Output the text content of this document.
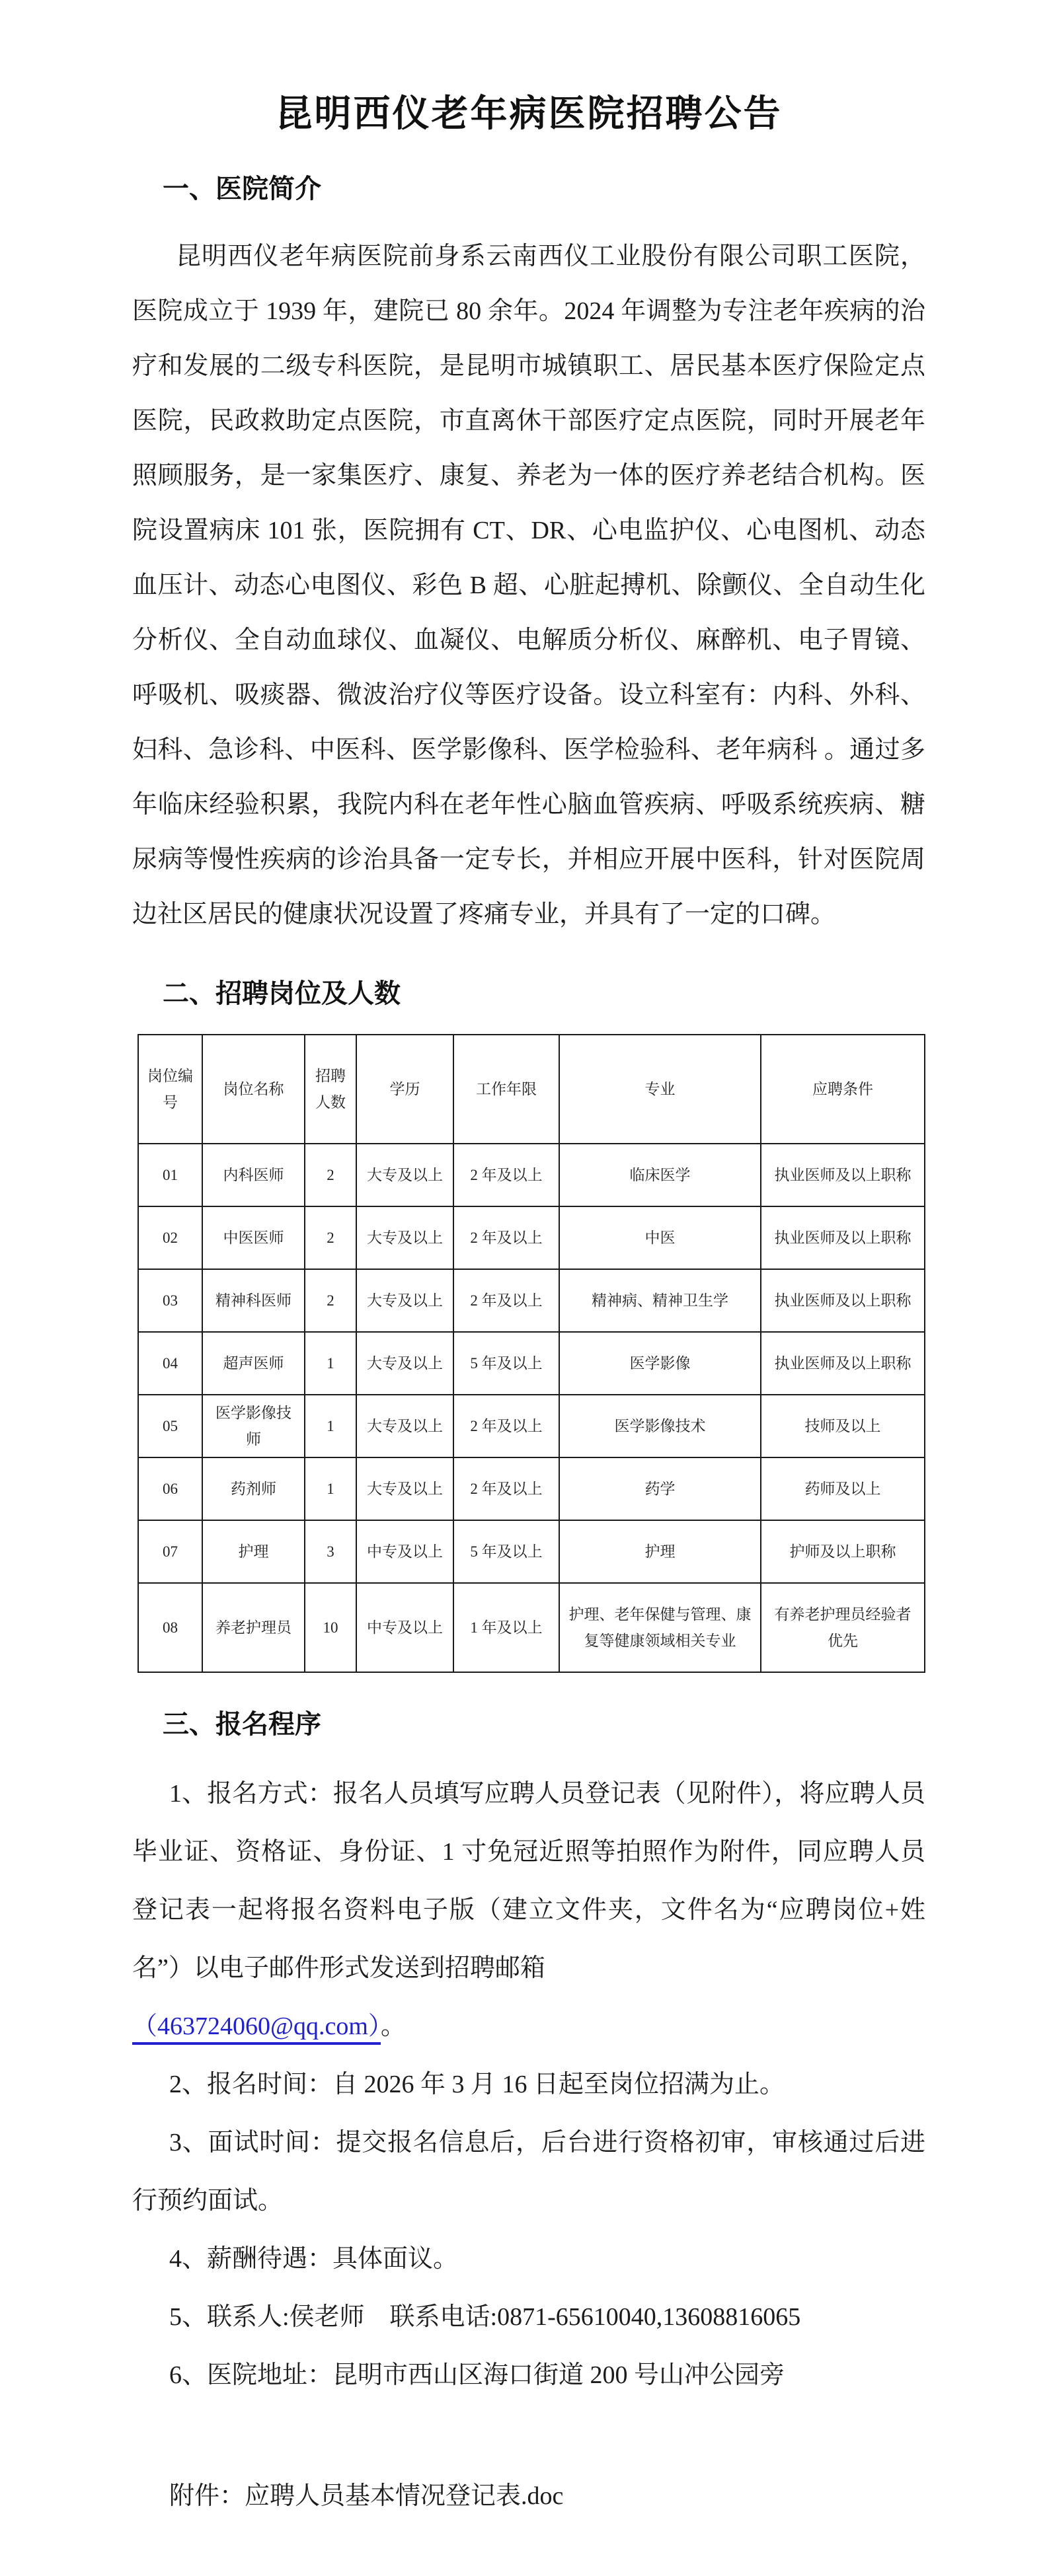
昆明西仪老年病医院招聘公告
一、医院简介

昆明西仪老年病医院前身系云南西仪工业股份有限公司职工医院，医院成立于 1939 年，建院已 80 余年。2024 年调整为专注老年疾病的治疗和发展的二级专科医院，是昆明市城镇职工、居民基本医疗保险定点医院，民政救助定点医院，市直离休干部医疗定点医院，同时开展老年照顾服务，是一家集医疗、康复、养老为一体的医疗养老结合机构。医院设置病床 101 张，医院拥有 CT、DR、心电监护仪、心电图机、动态血压计、动态心电图仪、彩色 B 超、心脏起搏机、除颤仪、全自动生化分析仪、全自动血球仪、血凝仪、电解质分析仪、麻醉机、电子胃镜、呼吸机、吸痰器、微波治疗仪等医疗设备。设立科室有：内科、外科、妇科、急诊科、中医科、医学影像科、医学检验科、老年病科 。通过多年临床经验积累，我院内科在老年性心脑血管疾病、呼吸系统疾病、糖尿病等慢性疾病的诊治具备一定专长，并相应开展中医科，针对医院周边社区居民的健康状况设置了疼痛专业，并具有了一定的口碑。

二、招聘岗位及人数
岗位编号	岗位名称	招聘人数	学历	工作年限	专业	应聘条件
01	内科医师	2	大专及以上	2 年及以上	临床医学	执业医师及以上职称
02	中医医师	2	大专及以上	2 年及以上	中医	执业医师及以上职称
03	精神科医师	2	大专及以上	2 年及以上	精神病、精神卫生学	执业医师及以上职称
04	超声医师	1	大专及以上	5 年及以上	医学影像	执业医师及以上职称
05	医学影像技师	1	大专及以上	2 年及以上	医学影像技术	技师及以上
06	药剂师	1	大专及以上	2 年及以上	药学	药师及以上
07	护理	3	中专及以上	5 年及以上	护理	护师及以上职称
08	养老护理员	10	中专及以上	1 年及以上	护理、老年保健与管理、康复等健康领域相关专业	有养老护理员经验者优先
三、报名程序

1、报名方式：报名人员填写应聘人员登记表（见附件），将应聘人员毕业证、资格证、身份证、1 寸免冠近照等拍照作为附件，同应聘人员登记表一起将报名资料电子版（建立文件夹，文件名为“应聘岗位+姓名”）以电子邮件形式发送到招聘邮箱

（463724060@qq.com）。

2、报名时间：自 2026 年 3 月 16 日起至岗位招满为止。

3、面试时间：提交报名信息后，后台进行资格初审，审核通过后进行预约面试。

4、薪酬待遇：具体面议。

5、联系人:侯老师　联系电话:0871-65610040,13608816065

6、医院地址：昆明市西山区海口街道 200 号山冲公园旁

附件：应聘人员基本情况登记表.doc
